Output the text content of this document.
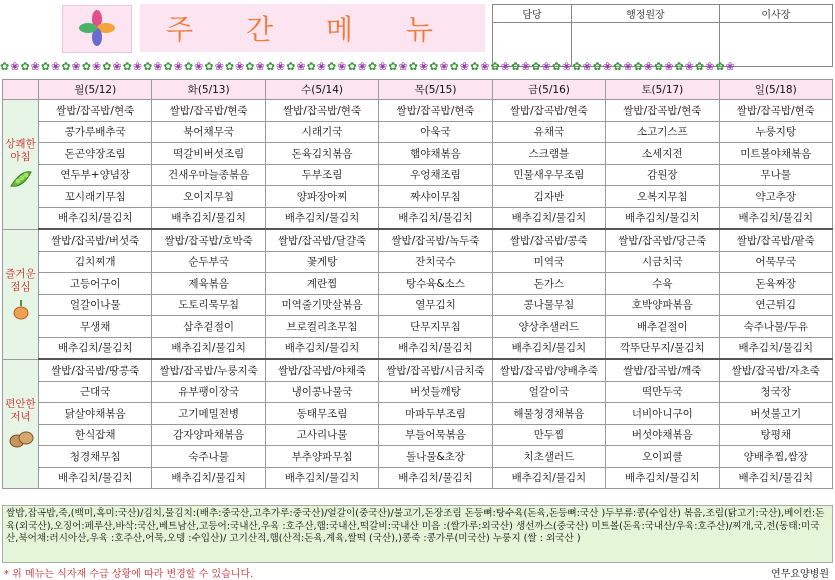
주 간 메 뉴	담당	행정원장	이사장

✿❀✿❀✿❀✿❀✿❀✿❀✿❀✿❀✿❀✿❀✿❀✿❀✿❀✿❀✿❀✿❀✿❀✿❀✿❀✿❀✿❀✿❀✿❀✿❀✿❀✿❀✿❀✿❀✿❀✿❀✿❀✿❀✿❀✿❀✿❀✿❀
	월(5/12)	화(5/13)	수(5/14)	목(5/15)	금(5/16)	토(5/17)	일(5/18)
상쾌한 아침	쌀밥/잡곡밥/현죽	쌀밥/잡곡밥/현죽	쌀밥/잡곡밥/현죽	쌀밥/잡곡밥/현죽	쌀밥/잡곡밥/현죽	쌀밥/잡곡밥/현죽	쌀밥/잡곡밥/현죽
	콩가루배추국	북어채무국	시래기국	아욱국	유채국	소고기스프	누룽지탕
	돈곤약장조림	떡갈비버섯조림	돈육김치볶음	햄야채볶음	스크램블	소세지전	미트볼야채볶음
	연두부+양념장	건새우마늘종볶음	두부조림	우엉채조림	민물새우무조림	감원장	무나물
	꼬시래기무침	오이지무침	양파장아찌	짜샤이무침	김자반	오복지무침	약고추장
	배추김치/물김치	배추김치/물김치	배추김치/물김치	배추김치/물김치	배추김치/물김치	배추김치/물김치	배추김치/물김치
즐거운 점심	쌀밥/잡곡밥/버섯죽	쌀밥/잡곡밥/호박죽	쌀밥/잡곡밥/달걀죽	쌀밥/잡곡밥/녹두죽	쌀밥/잡곡밥/콩죽	쌀밥/잡곡밥/당근죽	쌀밥/잡곡밥/팥죽
	김치찌개	순두부국	꽃게탕	잔치국수	미역국	시금치국	어묵무국
	고등어구이	제육볶음	계란찜	탕수육&소스	돈가스	수육	돈육짜장
	얼갈이나물	도토리묵무침	미역줄기맛살볶음	열무김치	콩나물무침	호박양파볶음	연근튀김
	무생채	삼추겉절이	브로컬리초무침	단무지무침	양상추샐러드	배추겉절이	숙주나물/두유
	배추김치/물김치	배추김치/물김치	배추김치/물김치	배추김치/물김치	배추김치/물김치	깍뚜단무지/물김치	배추김치/물김치
편안한 저녁	쌀밥/잡곡밥/땅콩죽	쌀밥/잡곡밥/누룽지죽	쌀밥/잡곡밥/야채죽	쌀밥/잡곡밥/시금치죽	쌀밥/잡곡밥/양배추죽	쌀밥/잡곡밥/깨죽	쌀밥/잡곡밥/자초죽
	근대국	유부팽이장국	냉이콩나물국	버섯들깨탕	얼갈이국	떡만두국	청국장
	닭살야채볶음	고기메밀전병	동태무조림	마파두부조림	해물청경채볶음	너비아니구이	버섯불고기
	한식잡채	감자양파채볶음	고사리나물	부들어묵볶음	만두찜	버섯야채볶음	탕평채
	청경채무침	숙주나물	부추양파무침	돌나물&초장	치초샐러드	오이피클	양배추찜,쌈장
	배추김치/물김치	배추김치/물김치	배추김치/물김치	배추김치/물김치	배추김치/물김치	배추김치/물김치	배추김치/물김치
쌀밥,잡곡밥,죽,(백미,흑미:국산)/김치,물김치:(배추:중국산,고추가루:중국산)/얼갈이(중국산)/불고기,돈장조림 돈등뼈:탕수육(돈육,돈등뼈:국산 )두부류:콩(수입산) 볶음,조림(닭고기:국산),베이컨:돈육(외국산),오징어:페루산,바삭:국산,베트남산,고등어:국내산,우육 :호주산,햄:국내산,떡갈비:국내산 미음 :(쌀가루:외국산) 생선까스(중국산) 미트볼(돈육:국내산/우육:호주산)/찌개,국,전(동태:미국산,북어채:러시아산,우육 :호주산,어묵,오뎅 :수입산)/ 고기산적,햄(산적:돈육,계육,쌀떡 (국산),)콩죽 :콩가루(미국산) 누룽지 (쌀 : 외국산 )
* 위 메뉴는 식자재 수급 상황에 따라 변경할 수 있습니다.	연무요양병원
